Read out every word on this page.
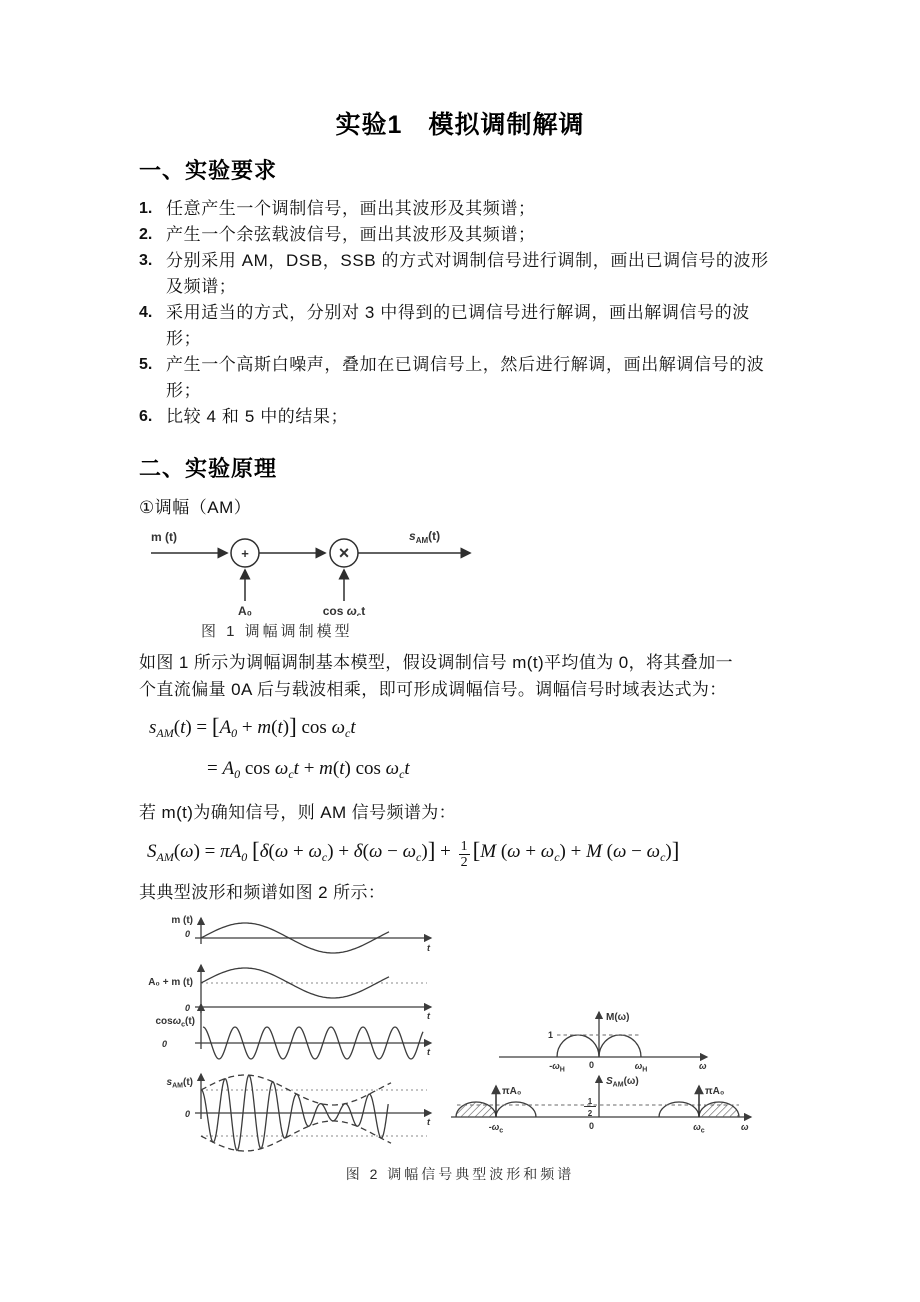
实验1　模拟调制解调
一、实验要求
1. 任意产生一个调制信号，画出其波形及其频谱；
2. 产生一个余弦载波信号，画出其波形及其频谱；
3. 分别采用 AM，DSB，SSB 的方式对调制信号进行调制，画出已调信号的波形及频谱；
4. 采用适当的方式，分别对 3 中得到的已调信号进行解调，画出解调信号的波形；
5. 产生一个高斯白噪声，叠加在已调信号上，然后进行解调，画出解调信号的波形；
6. 比较 4 和 5 中的结果；
二、实验原理
①调幅（AM）
m (t)
+	×
$s_{AM}(t)$
A₀	$\cos \omega_ct$
图 1 调幅调制模型
如图 1 所示为调幅调制基本模型，假设调制信号 m(t)平均值为 0，将其叠加一
个直流偏量 0A 后与载波相乘，即可形成调幅信号。调幅信号时域表达式为：
$s_{AM}(t) = [A_0 + m(t)]$ $\cos \omega_ct$
= $A_0$ $\cos \omega_ct + m(t)$ $\cos \omega_ct$
若 m(t)为确知信号，则 AM 信号频谱为：
$S_{AM}(\omega) = \pi A_0$ $[\delta(\omega + \omega_c) + \delta(\omega - \omega_c)] + \frac{1}{2} [M$ $(\omega + \omega_c) + M$ $(\omega - \omega_c)$]
其典型波形和频谱如图 2 所示：
m (t)
0
t
A₀ + m (t)
0
t
cosω$_c$(t)
0
t
$s_{AM}(t)$
0
t
M(ω)
1
$-\omega_H$	0	$\omega_H$	ω
$S_{AM}(\omega)$
πA₀	πA₀
1
2
$-\omega_c$	0	$\omega_c$	ω
图 2 调幅信号典型波形和频谱
